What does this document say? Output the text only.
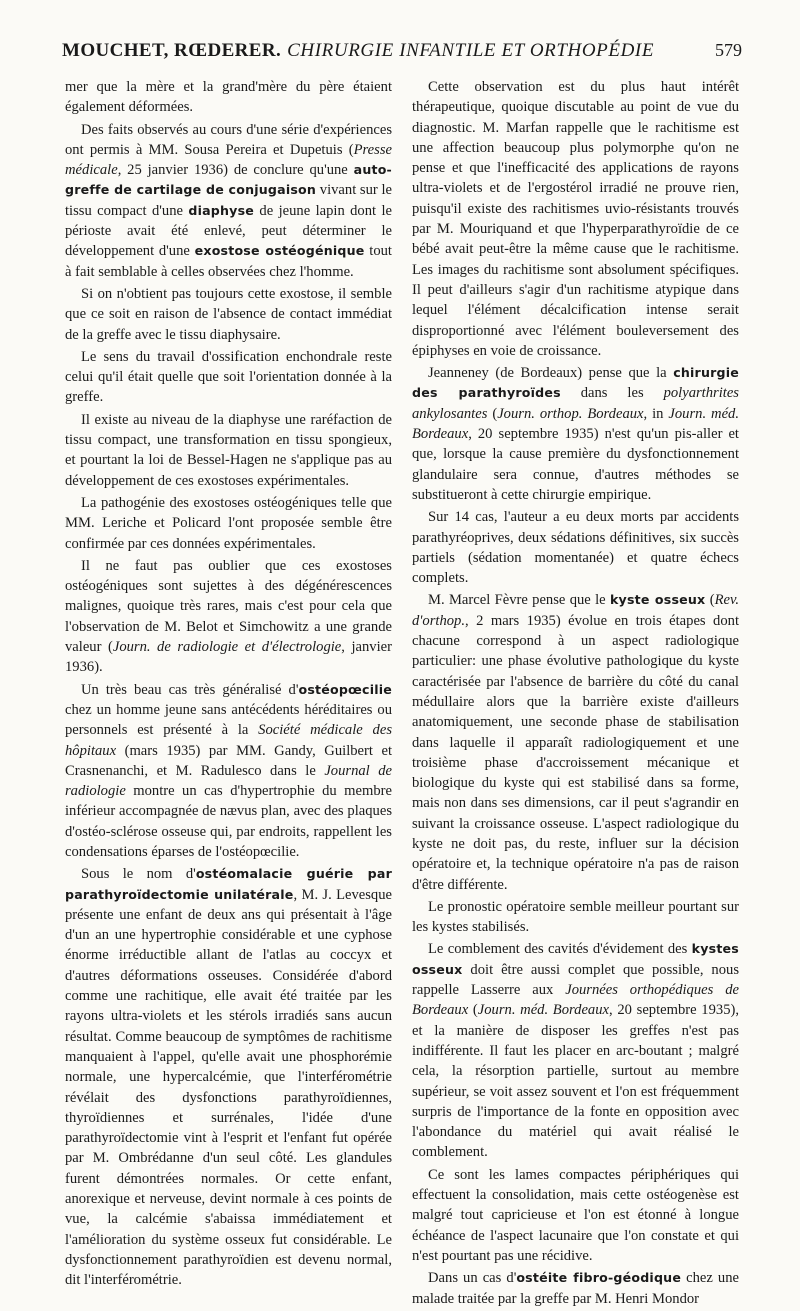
MOUCHET, RŒDERER. CHIRURGIE INFANTILE ET ORTHOPÉDIE	579

mer que la mère et la grand'mère du père étaient également déformées.

Des faits observés au cours d'une série d'expériences ont permis à MM. Sousa Pereira et Dupetuis (Presse médicale, 25 janvier 1936) de conclure qu'une auto-greffe de cartilage de conjugaison vivant sur le tissu compact d'une diaphyse de jeune lapin dont le périoste avait été enlevé, peut déterminer le développement d'une exostose ostéogénique tout à fait semblable à celles observées chez l'homme.

Si on n'obtient pas toujours cette exostose, il semble que ce soit en raison de l'absence de contact immédiat de la greffe avec le tissu diaphysaire.

Le sens du travail d'ossification enchondrale reste celui qu'il était quelle que soit l'orientation donnée à la greffe.

Il existe au niveau de la diaphyse une raréfaction de tissu compact, une transformation en tissu spongieux, et pourtant la loi de Bessel-Hagen ne s'applique pas au développement de ces exostoses expérimentales.

La pathogénie des exostoses ostéogéniques telle que MM. Leriche et Policard l'ont proposée semble être confirmée par ces données expérimentales.

Il ne faut pas oublier que ces exostoses ostéogéniques sont sujettes à des dégénérescences malignes, quoique très rares, mais c'est pour cela que l'observation de M. Belot et Simchowitz a une grande valeur (Journ. de radiologie et d'électrologie, janvier 1936).

Un très beau cas très généralisé d'ostéopœcilie chez un homme jeune sans antécédents héréditaires ou personnels est présenté à la Société médicale des hôpitaux (mars 1935) par MM. Gandy, Guilbert et Crasnenanchi, et M. Radulesco dans le Journal de radiologie montre un cas d'hypertrophie du membre inférieur accompagnée de nævus plan, avec des plaques d'ostéo-sclérose osseuse qui, par endroits, rappellent les condensations éparses de l'ostéopœcilie.

Sous le nom d'ostéomalacie guérie par parathyroïdectomie unilatérale, M. J. Levesque présente une enfant de deux ans qui présentait à l'âge d'un an une hypertrophie considérable et une cyphose énorme irréductible allant de l'atlas au coccyx et d'autres déformations osseuses. Considérée d'abord comme une rachitique, elle avait été traitée par les rayons ultra-violets et les stérols irradiés sans aucun résultat. Comme beaucoup de symptômes de rachitisme manquaient à l'appel, qu'elle avait une phosphorémie normale, une hypercalcémie, que l'interférométrie révélait des dysfonctions parathyroïdiennes, thyroïdiennes et surrénales, l'idée d'une parathyroïdectomie vint à l'esprit et l'enfant fut opérée par M. Ombrédanne d'un seul côté. Les glandules furent démontrées normales. Or cette enfant, anorexique et nerveuse, devint normale à ces points de vue, la calcémie s'abaissa immédiatement et l'amélioration du système osseux fut considérable. Le dysfonctionnement parathyroïdien est devenu normal, dit l'interférométrie.

Cette observation est du plus haut intérêt thérapeutique, quoique discutable au point de vue du diagnostic. M. Marfan rappelle que le rachitisme est une affection beaucoup plus polymorphe qu'on ne pense et que l'inefficacité des applications de rayons ultra-violets et de l'ergostérol irradié ne prouve rien, puisqu'il existe des rachitismes uvio-résistants trouvés par M. Mouriquand et que l'hyperparathyroïdie de ce bébé avait peut-être la même cause que le rachitisme. Les images du rachitisme sont absolument spécifiques. Il peut d'ailleurs s'agir d'un rachitisme atypique dans lequel l'élément décalcification intense serait disproportionné avec l'élément bouleversement des épiphyses en voie de croissance.

Jeanneney (de Bordeaux) pense que la chirurgie des parathyroïdes dans les polyarthrites ankylosantes (Journ. orthop. Bordeaux, in Journ. méd. Bordeaux, 20 septembre 1935) n'est qu'un pis-aller et que, lorsque la cause première du dysfonctionnement glandulaire sera connue, d'autres méthodes se substitueront à cette chirurgie empirique.

Sur 14 cas, l'auteur a eu deux morts par accidents parathyréoprives, deux sédations définitives, six succès partiels (sédation momentanée) et quatre échecs complets.

M. Marcel Fèvre pense que le kyste osseux (Rev. d'orthop., 2 mars 1935) évolue en trois étapes dont chacune correspond à un aspect radiologique particulier: une phase évolutive pathologique du kyste caractérisée par l'absence de barrière du côté du canal médullaire alors que la barrière existe d'ailleurs anatomiquement, une seconde phase de stabilisation dans laquelle il apparaît radiologiquement et une troisième phase d'accroissement mécanique et biologique du kyste qui est stabilisé dans sa forme, mais non dans ses dimensions, car il peut s'agrandir en suivant la croissance osseuse. L'aspect radiologique du kyste ne doit pas, du reste, influer sur la décision opératoire et, la technique opératoire n'a pas de raison d'être différente.

Le pronostic opératoire semble meilleur pourtant sur les kystes stabilisés.

Le comblement des cavités d'évidement des kystes osseux doit être aussi complet que possible, nous rappelle Lasserre aux Journées orthopédiques de Bordeaux (Journ. méd. Bordeaux, 20 septembre 1935), et la manière de disposer les greffes n'est pas indifférente. Il faut les placer en arc-boutant ; malgré cela, la résorption partielle, surtout au membre supérieur, se voit assez souvent et l'on est fréquemment surpris de l'importance de la fonte en opposition avec l'abondance du matériel qui avait réalisé le comblement.

Ce sont les lames compactes périphériques qui effectuent la consolidation, mais cette ostéogenèse est malgré tout capricieuse et l'on est étonné à longue échéance de l'aspect lacunaire que l'on constate et qui n'est pourtant pas une récidive.

Dans un cas d'ostéite fibro-géodique chez une malade traitée par la greffe par M. Henri Mondor
